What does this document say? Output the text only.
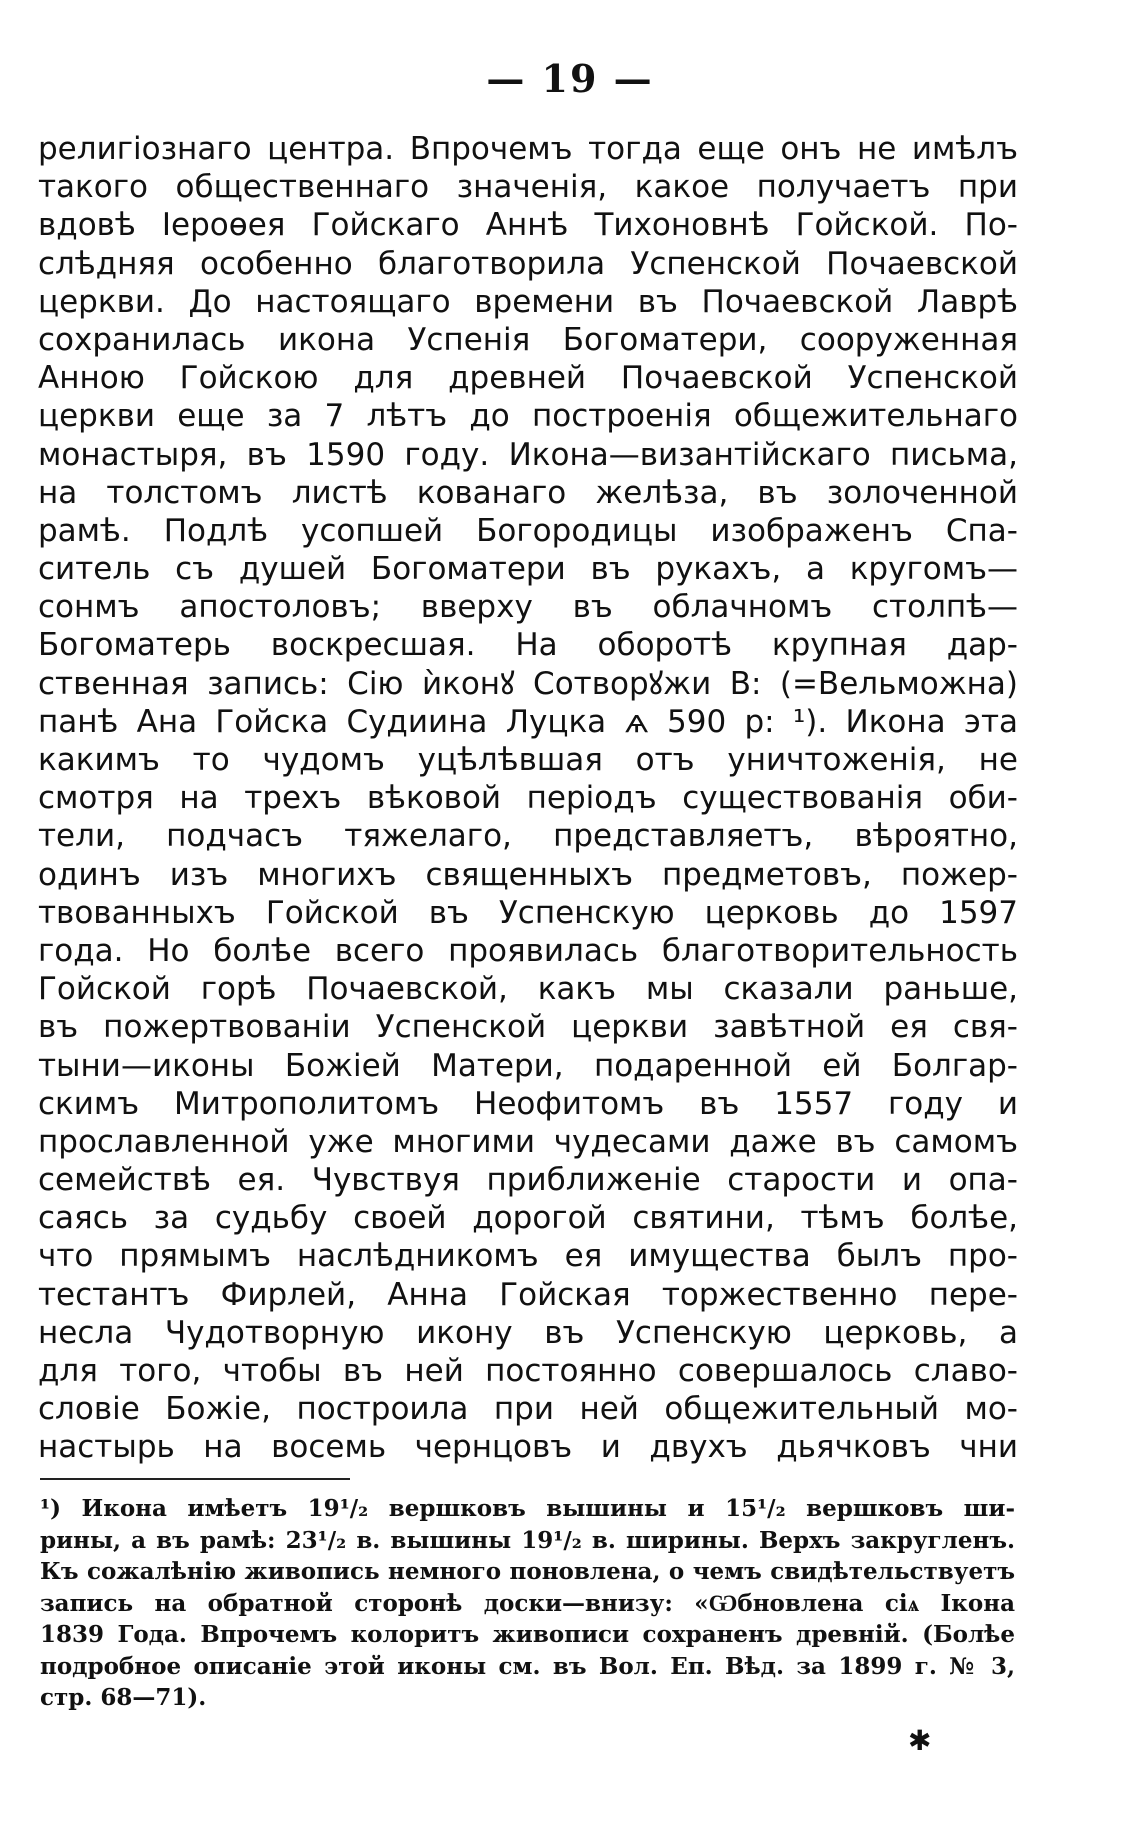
— 19 —
религіознаго центра. Впрочемъ тогда еще онъ не имѣлъ
такого общественнаго значенія, какое получаетъ при
вдовѣ Іероѳея Гойскаго Аннѣ Тихоновнѣ Гойской. По-
слѣдняя особенно благотворила Успенской Почаевской
церкви. До настоящаго времени въ Почаевской Лаврѣ
сохранилась икона Успенія Богоматери, сооруженная
Анною Гойскою для древней Почаевской Успенской
церкви еще за 7 лѣтъ до построенія общежительнаго
монастыря, въ 1590 году. Икона—византійскаго письма,
на толстомъ листѣ кованаго желѣза, въ золоченной
рамѣ. Подлѣ усопшей Богородицы изображенъ Спа-
ситель съ душей Богоматери въ рукахъ, а кругомъ—
сонмъ апостоловъ; вверху въ облачномъ столпѣ—
Богоматерь воскресшая. На оборотѣ крупная дар-
ственная запись: Сiю ѝконꙋ Сотворꙋжи В: (=Вельможна)
панѣ Ана Гойска Судиина Луцка ѧ 590 р: ¹). Икона эта
какимъ то чудомъ уцѣлѣвшая отъ уничтоженія, не
смотря на трехъ вѣковой періодъ существованія оби-
тели, подчасъ тяжелаго, представляетъ, вѣроятно,
одинъ изъ многихъ священныхъ предметовъ, пожер-
твованныхъ Гойской въ Успенскую церковь до 1597
года. Но болѣе всего проявилась благотворительность
Гойской горѣ Почаевской, какъ мы сказали раньше,
въ пожертвованіи Успенской церкви завѣтной ея свя-
тыни—иконы Божіей Матери, подаренной ей Болгар-
скимъ Митрополитомъ Неофитомъ въ 1557 году и
прославленной уже многими чудесами даже въ самомъ
семействѣ ея. Чувствуя приближеніе старости и опа-
саясь за судьбу своей дорогой святини, тѣмъ болѣе,
что прямымъ наслѣдникомъ ея имущества былъ про-
тестантъ Фирлей, Анна Гойская торжественно пере-
несла Чудотворную икону въ Успенскую церковь, а
для того, чтобы въ ней постоянно совершалось славо-
словіе Божіе, построила при ней общежительный мо-
настырь на восемь чернцовъ и двухъ дьячковъ чни
¹) Икона имѣетъ 19¹/₂ вершковъ вышины и 15¹/₂ вершковъ ши-
рины, а въ рамѣ: 23¹/₂ в. вышины 19¹/₂ в. ширины. Верхъ закругленъ.
Къ сожалѣнію живопись немного поновлена, о чемъ свидѣтельствуетъ
запись на обратной сторонѣ доски—внизу: «Ѡбновлена сiѧ Iкона
1839 Года. Впрочемъ колоритъ живописи сохраненъ древній. (Болѣе
подробное описаніе этой иконы см. въ Вол. Еп. Вѣд. за 1899 г. № 3,
стр. 68—71).
✱
